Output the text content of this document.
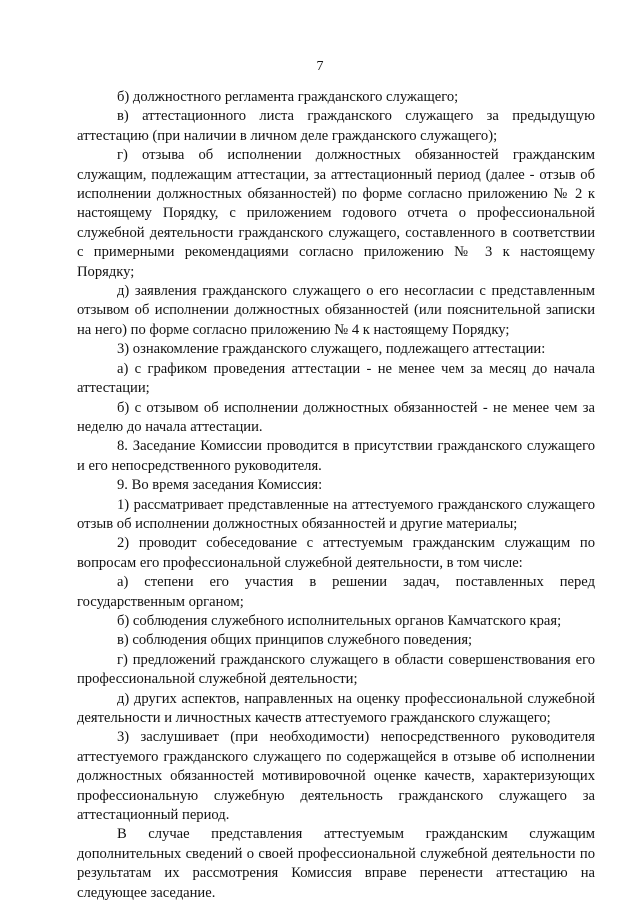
7

б) должностного регламента гражданского служащего;

в) аттестационного листа гражданского служащего за предыдущую аттестацию (при наличии в личном деле гражданского служащего);

г) отзыва об исполнении должностных обязанностей гражданским служащим, подлежащим аттестации, за аттестационный период (далее - отзыв об исполнении должностных обязанностей) по форме согласно приложению № 2 к настоящему Порядку, с приложением годового отчета о профессиональной служебной деятельности гражданского служащего, составленного в соответствии с примерными рекомендациями согласно приложению № 3 к настоящему Порядку;

д) заявления гражданского служащего о его несогласии с представленным отзывом об исполнении должностных обязанностей (или пояснительной записки на него) по форме согласно приложению № 4 к настоящему Порядку;

3) ознакомление гражданского служащего, подлежащего аттестации:

а) с графиком проведения аттестации - не менее чем за месяц до начала аттестации;

б) с отзывом об исполнении должностных обязанностей - не менее чем за неделю до начала аттестации.

8. Заседание Комиссии проводится в присутствии гражданского служащего и его непосредственного руководителя.

9. Во время заседания Комиссия:

1) рассматривает представленные на аттестуемого гражданского служащего отзыв об исполнении должностных обязанностей и другие материалы;

2) проводит собеседование с аттестуемым гражданским служащим по вопросам его профессиональной служебной деятельности, в том числе:

а) степени его участия в решении задач, поставленных перед государственным органом;

б) соблюдения служебного исполнительных органов Камчатского края;

в) соблюдения общих принципов служебного поведения;

г) предложений гражданского служащего в области совершенствования его профессиональной служебной деятельности;

д) других аспектов, направленных на оценку профессиональной служебной деятельности и личностных качеств аттестуемого гражданского служащего;

3) заслушивает (при необходимости) непосредственного руководителя аттестуемого гражданского служащего по содержащейся в отзыве об исполнении должностных обязанностей мотивировочной оценке качеств, характеризующих профессиональную служебную деятельность гражданского служащего за аттестационный период.

В случае представления аттестуемым гражданским служащим дополнительных сведений о своей профессиональной служебной деятельности по результатам их рассмотрения Комиссия вправе перенести аттестацию на следующее заседание.
